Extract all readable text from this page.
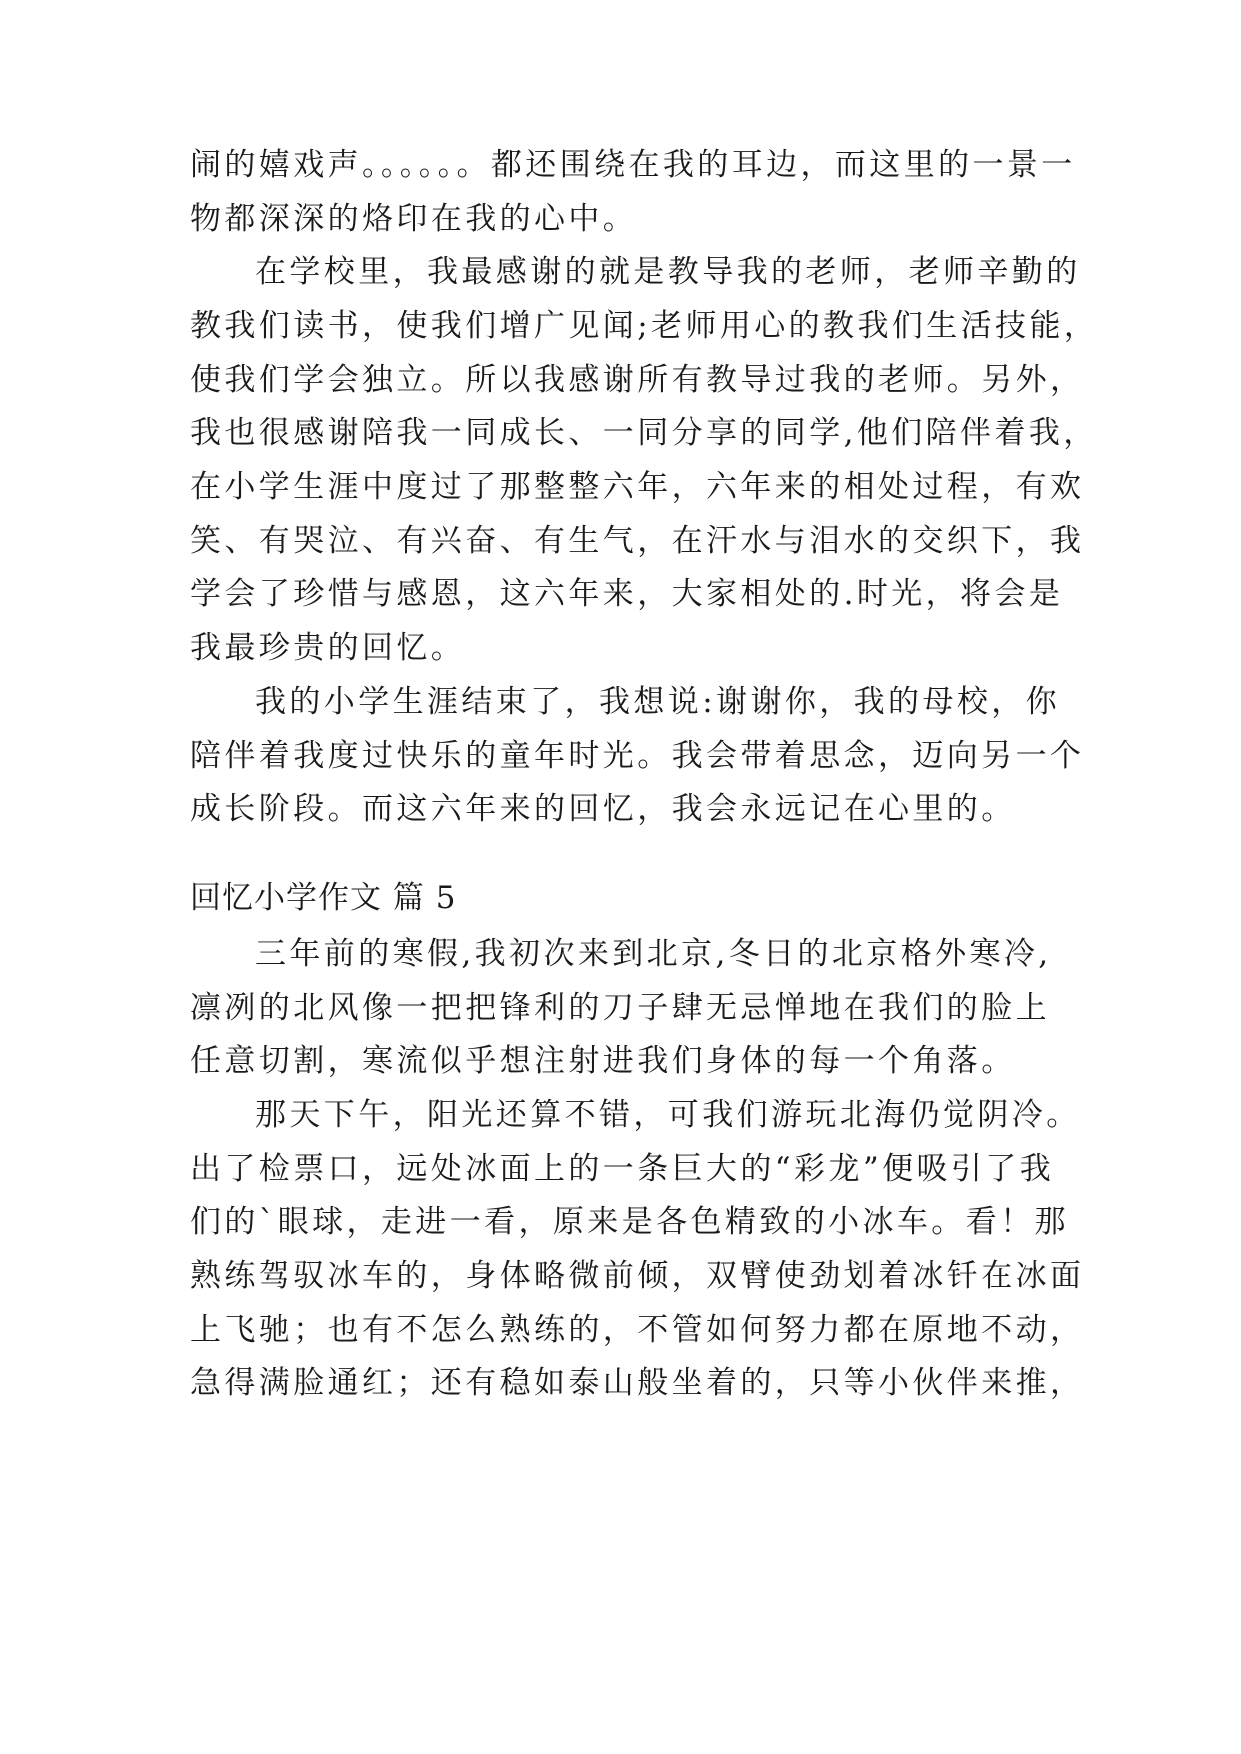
闹的嬉戏声。。。。。。都还围绕在我的耳边，而这里的一景一
物都深深的烙印在我的心中。
在学校里，我最感谢的就是教导我的老师，老师辛勤的
教我们读书，使我们增广见闻;老师用心的教我们生活技能，
使我们学会独立。所以我感谢所有教导过我的老师。另外，
我也很感谢陪我一同成长、一同分享的同学,他们陪伴着我，
在小学生涯中度过了那整整六年，六年来的相处过程，有欢
笑、有哭泣、有兴奋、有生气，在汗水与泪水的交织下，我
学会了珍惜与感恩，这六年来，大家相处的.时光，将会是
我最珍贵的回忆。
我的小学生涯结束了，我想说:谢谢你，我的母校，你
陪伴着我度过快乐的童年时光。我会带着思念，迈向另一个
成长阶段。而这六年来的回忆，我会永远记在心里的。
回忆小学作文 篇 5
三年前的寒假,我初次来到北京,冬日的北京格外寒冷,
凛冽的北风像一把把锋利的刀子肆无忌惮地在我们的脸上
任意切割，寒流似乎想注射进我们身体的每一个角落。
那天下午，阳光还算不错，可我们游玩北海仍觉阴冷。
出了检票口，远处冰面上的一条巨大的“彩龙”便吸引了我
们的`眼球，走进一看，原来是各色精致的小冰车。看！那
熟练驾驭冰车的，身体略微前倾，双臂使劲划着冰钎在冰面
上飞驰；也有不怎么熟练的，不管如何努力都在原地不动，
急得满脸通红；还有稳如泰山般坐着的，只等小伙伴来推，
